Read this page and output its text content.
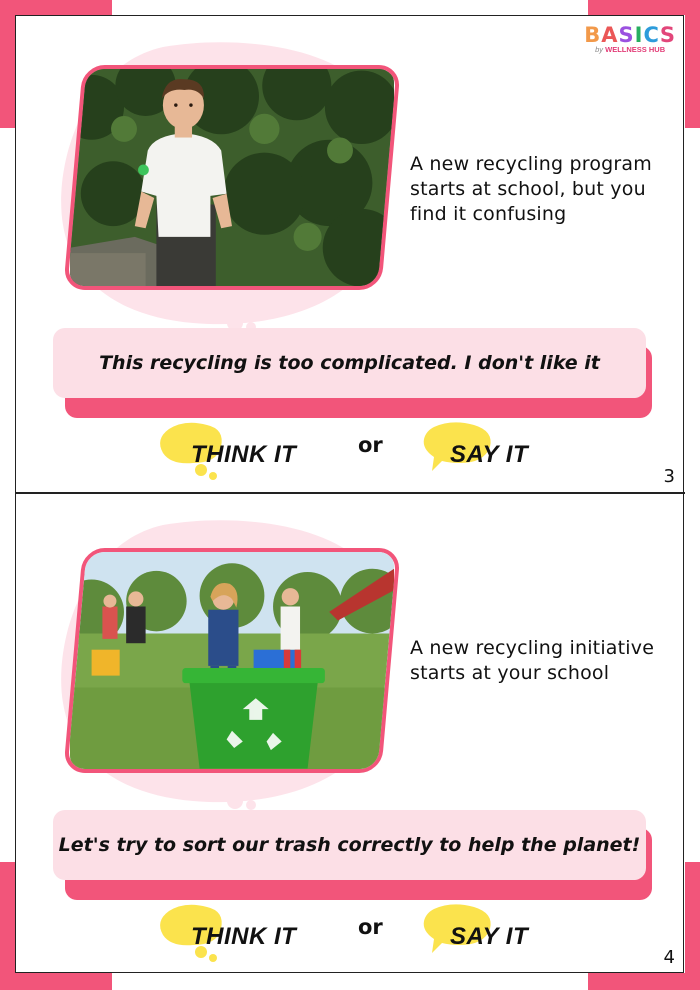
BASICS
by WELLNESS HUB
A new recycling program starts at school, but you find it confusing
This recycling is too complicated. I don't like it
THINK IT	or	SAY IT
3
A new recycling initiative starts at your school
Let's try to sort our trash correctly to help the planet!
THINK IT	or	SAY IT
4
